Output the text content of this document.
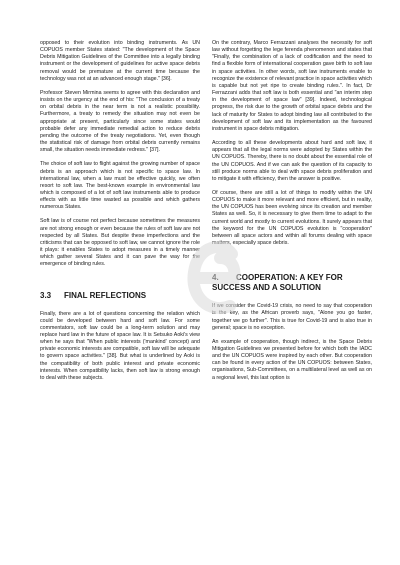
opposed to their evolution into binding instruments. As UN COPUOS member States stated: "The development of the Space Debris Mitigation Guidelines of the Committee into a legally binding instrument or the development of guidelines for active space debris removal would be premature at the current time because the technology was not at an advanced enough stage." [36].

Professor Steven Mirmina seems to agree with this declaration and insists on the urgency at the end of his: "The conclusion of a treaty on orbital debris in the near term is not a realistic possibility. Furthermore, a treaty to remedy the situation may not even be appropriate at present, particularly since some states would probable defer any immediate remedial action to reduce debris pending the outcome of the treaty negotiations. Yet, even though the statistical risk of damage from orbital debris currently remains small, the situation needs immediate redress." [37].

The choice of soft law to flight against the growing number of space debris is an approach which is not specific to space law. In international law, when a law must be effective quickly, we often resort to soft law. The best-known example in environmental law which is composed of a lot of soft law instruments able to produce effects with as little time wasted as possible and which gathers numerous States.

Soft law is of course not perfect because sometimes the measures are not strong enough or even because the rules of soft law are not respected by all States. But despite these imperfections and the criticisms that can be opposed to soft law, we cannot ignore the role it plays: it enables States to adopt measures in a timely manner which gather several States and it can pave the way for the emergence of binding rules.

3.3 FINAL REFLECTIONS

Finally, there are a lot of questions concerning the relation which could be developed between hard and soft law. For some commentators, soft law could be a long-term solution and may replace hard law in the future of space law. It is Setsuko Aoki's view when he says that "When public interests ('mankind' concept) and private economic interests are compatible, soft law will be adequate to govern space activities." [38]. But what is underlined by Aoki is the compatibility of both public interest and private economic interests. When compatibility lacks, then soft law is strong enough to deal with these subjects.

On the contrary, Marco Ferrazzani analyses the necessity for soft law without forgetting the lege ferenda phenomenon and states that "Finally, the combination of a lack of codification and the need to find a flexible form of international cooperation gave birth to soft law in space activities. In other words, soft law instruments enable to recognize the existence of relevant practice in space activities which is capable but not yet ripe to create binding rules.". In fact, Dr Ferrazzani adds that soft law is both essential and "an interim step in the development of space law" [39]. Indeed, technological progress, the risk due to the growth of orbital space debris and the lack of maturity for States to adopt binding law all contributed to the development of soft law and its implementation as the favoured instrument in space debris mitigation.

According to all these developments about hard and soft law, it appears that all the legal norms were adopted by States within the UN COPUOS. Thereby, there is no doubt about the essential role of the UN COPUOS. And if we can ask the question of its capacity to still produce norms able to deal with space debris proliferation and to mitigate it with efficiency, then the answer is positive.

Of course, there are still a lot of things to modify within the UN COPUOS to make it more relevant and more efficient, but in reality, the UN COPUOS has been evolving since its creation and member States as well. So, it is necessary to give them time to adapt to the current world and mostly to current evolutions. It surely appears that the keyword for the UN COPUOS evolution is "cooperation" between all space actors and within all forums dealing with space matters, especially space debris.

4. COOPERATION: A KEY FOR SUCCESS AND A SOLUTION

If we consider the Covid-19 crisis, no need to say that cooperation is the key, as the African proverb says, "Alone you go faster, together we go further". This is true for Covid-19 and is also true in general; space is no exception.

An example of cooperation, though indirect, is the Space Debris Mitigation Guidelines we presented before for which both the IADC and the UN COPUOS were inspired by each other. But cooperation can be found in every action of the UN COPUOS: between States, organisations, Sub-Committees, on a multilateral level as well as on a regional level, this last option is
